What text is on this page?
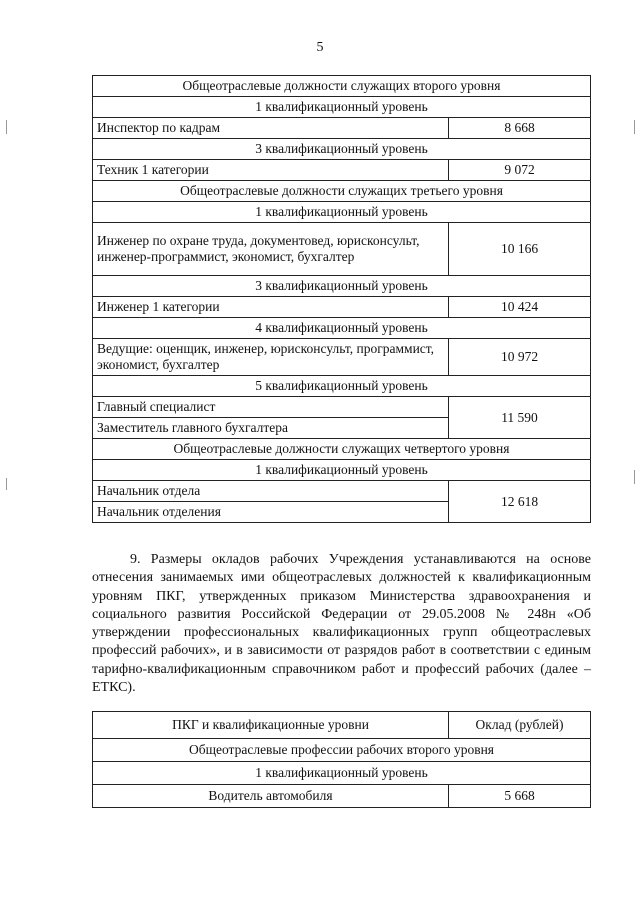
5
Общеотраслевые должности служащих второго уровня	
1 квалификационный уровень	
Инспектор по кадрам	8 668
3 квалификационный уровень	
Техник 1 категории	9 072
Общеотраслевые должности служащих третьего уровня	
1 квалификационный уровень	
Инженер по охране труда, документовед, юрисконсульт, инженер-программист, экономист, бухгалтер	10 166
3 квалификационный уровень	
Инженер 1 категории	10 424
4 квалификационный уровень	
Ведущие: оценщик, инженер, юрисконсульт, программист, экономист, бухгалтер	10 972
5 квалификационный уровень	
Главный специалист	11 590
Заместитель главного бухгалтера	
Общеотраслевые должности служащих четвертого уровня	
1 квалификационный уровень	
Начальник отдела	12 618
Начальник отделения	

9. Размеры окладов рабочих Учреждения устанавливаются на основе отнесения занимаемых ими общеотраслевых должностей к квалификационным уровням ПКГ, утвержденных приказом Министерства здравоохранения и социального развития Российской Федерации от 29.05.2008 № 248н «Об утверждении профессиональных квалификационных групп общеотраслевых профессий рабочих», и в зависимости от разрядов работ в соответствии с единым тарифно-квалификационным справочником работ и профессий рабочих (далее – ЕТКС).

ПКГ и квалификационные уровни	Оклад (рублей)
Общеотраслевые профессии рабочих второго уровня	
1 квалификационный уровень	
Водитель автомобиля	5 668
